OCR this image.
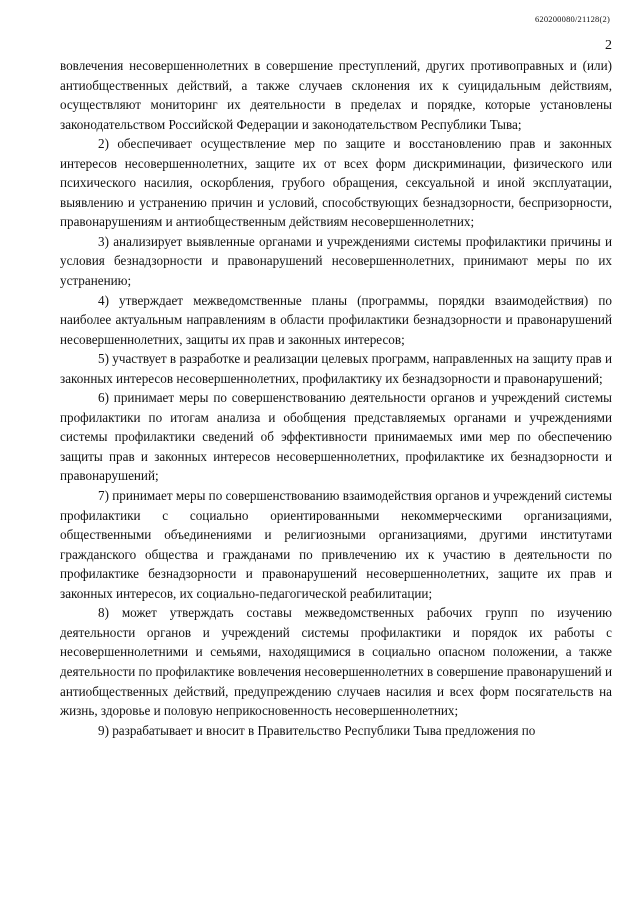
620200080/21128(2)
2

вовлечения несовершеннолетних в совершение преступлений, других противоправных и (или) антиобщественных действий, а также случаев склонения их к суицидальным действиям, осуществляют мониторинг их деятельности в пределах и порядке, которые установлены законодательством Российской Федерации и законодательством Республики Тыва;

2) обеспечивает осуществление мер по защите и восстановлению прав и законных интересов несовершеннолетних, защите их от всех форм дискриминации, физического или психического насилия, оскорбления, грубого обращения, сексуальной и иной эксплуатации, выявлению и устранению причин и условий, способствующих безнадзорности, беспризорности, правонарушениям и антиобщественным действиям несовершеннолетних;

3) анализирует выявленные органами и учреждениями системы профилактики причины и условия безнадзорности и правонарушений несовершеннолетних, принимают меры по их устранению;

4) утверждает межведомственные планы (программы, порядки взаимодействия) по наиболее актуальным направлениям в области профилактики безнадзорности и правонарушений несовершеннолетних, защиты их прав и законных интересов;

5) участвует в разработке и реализации целевых программ, направленных на защиту прав и законных интересов несовершеннолетних, профилактику их безнадзорности и правонарушений;

6) принимает меры по совершенствованию деятельности органов и учреждений системы профилактики по итогам анализа и обобщения представляемых органами и учреждениями системы профилактики сведений об эффективности принимаемых ими мер по обеспечению защиты прав и законных интересов несовершеннолетних, профилактике их безнадзорности и правонарушений;

7) принимает меры по совершенствованию взаимодействия органов и учреждений системы профилактики с социально ориентированными некоммерческими организациями, общественными объединениями и религиозными организациями, другими институтами гражданского общества и гражданами по привлечению их к участию в деятельности по профилактике безнадзорности и правонарушений несовершеннолетних, защите их прав и законных интересов, их социально-педагогической реабилитации;

8) может утверждать составы межведомственных рабочих групп по изучению деятельности органов и учреждений системы профилактики и порядок их работы с несовершеннолетними и семьями, находящимися в социально опасном положении, а также деятельности по профилактике вовлечения несовершеннолетних в совершение правонарушений и антиобщественных действий, предупреждению случаев насилия и всех форм посягательств на жизнь, здоровье и половую неприкосновенность несовершеннолетних;

9) разрабатывает и вносит в Правительство Республики Тыва предложения по
